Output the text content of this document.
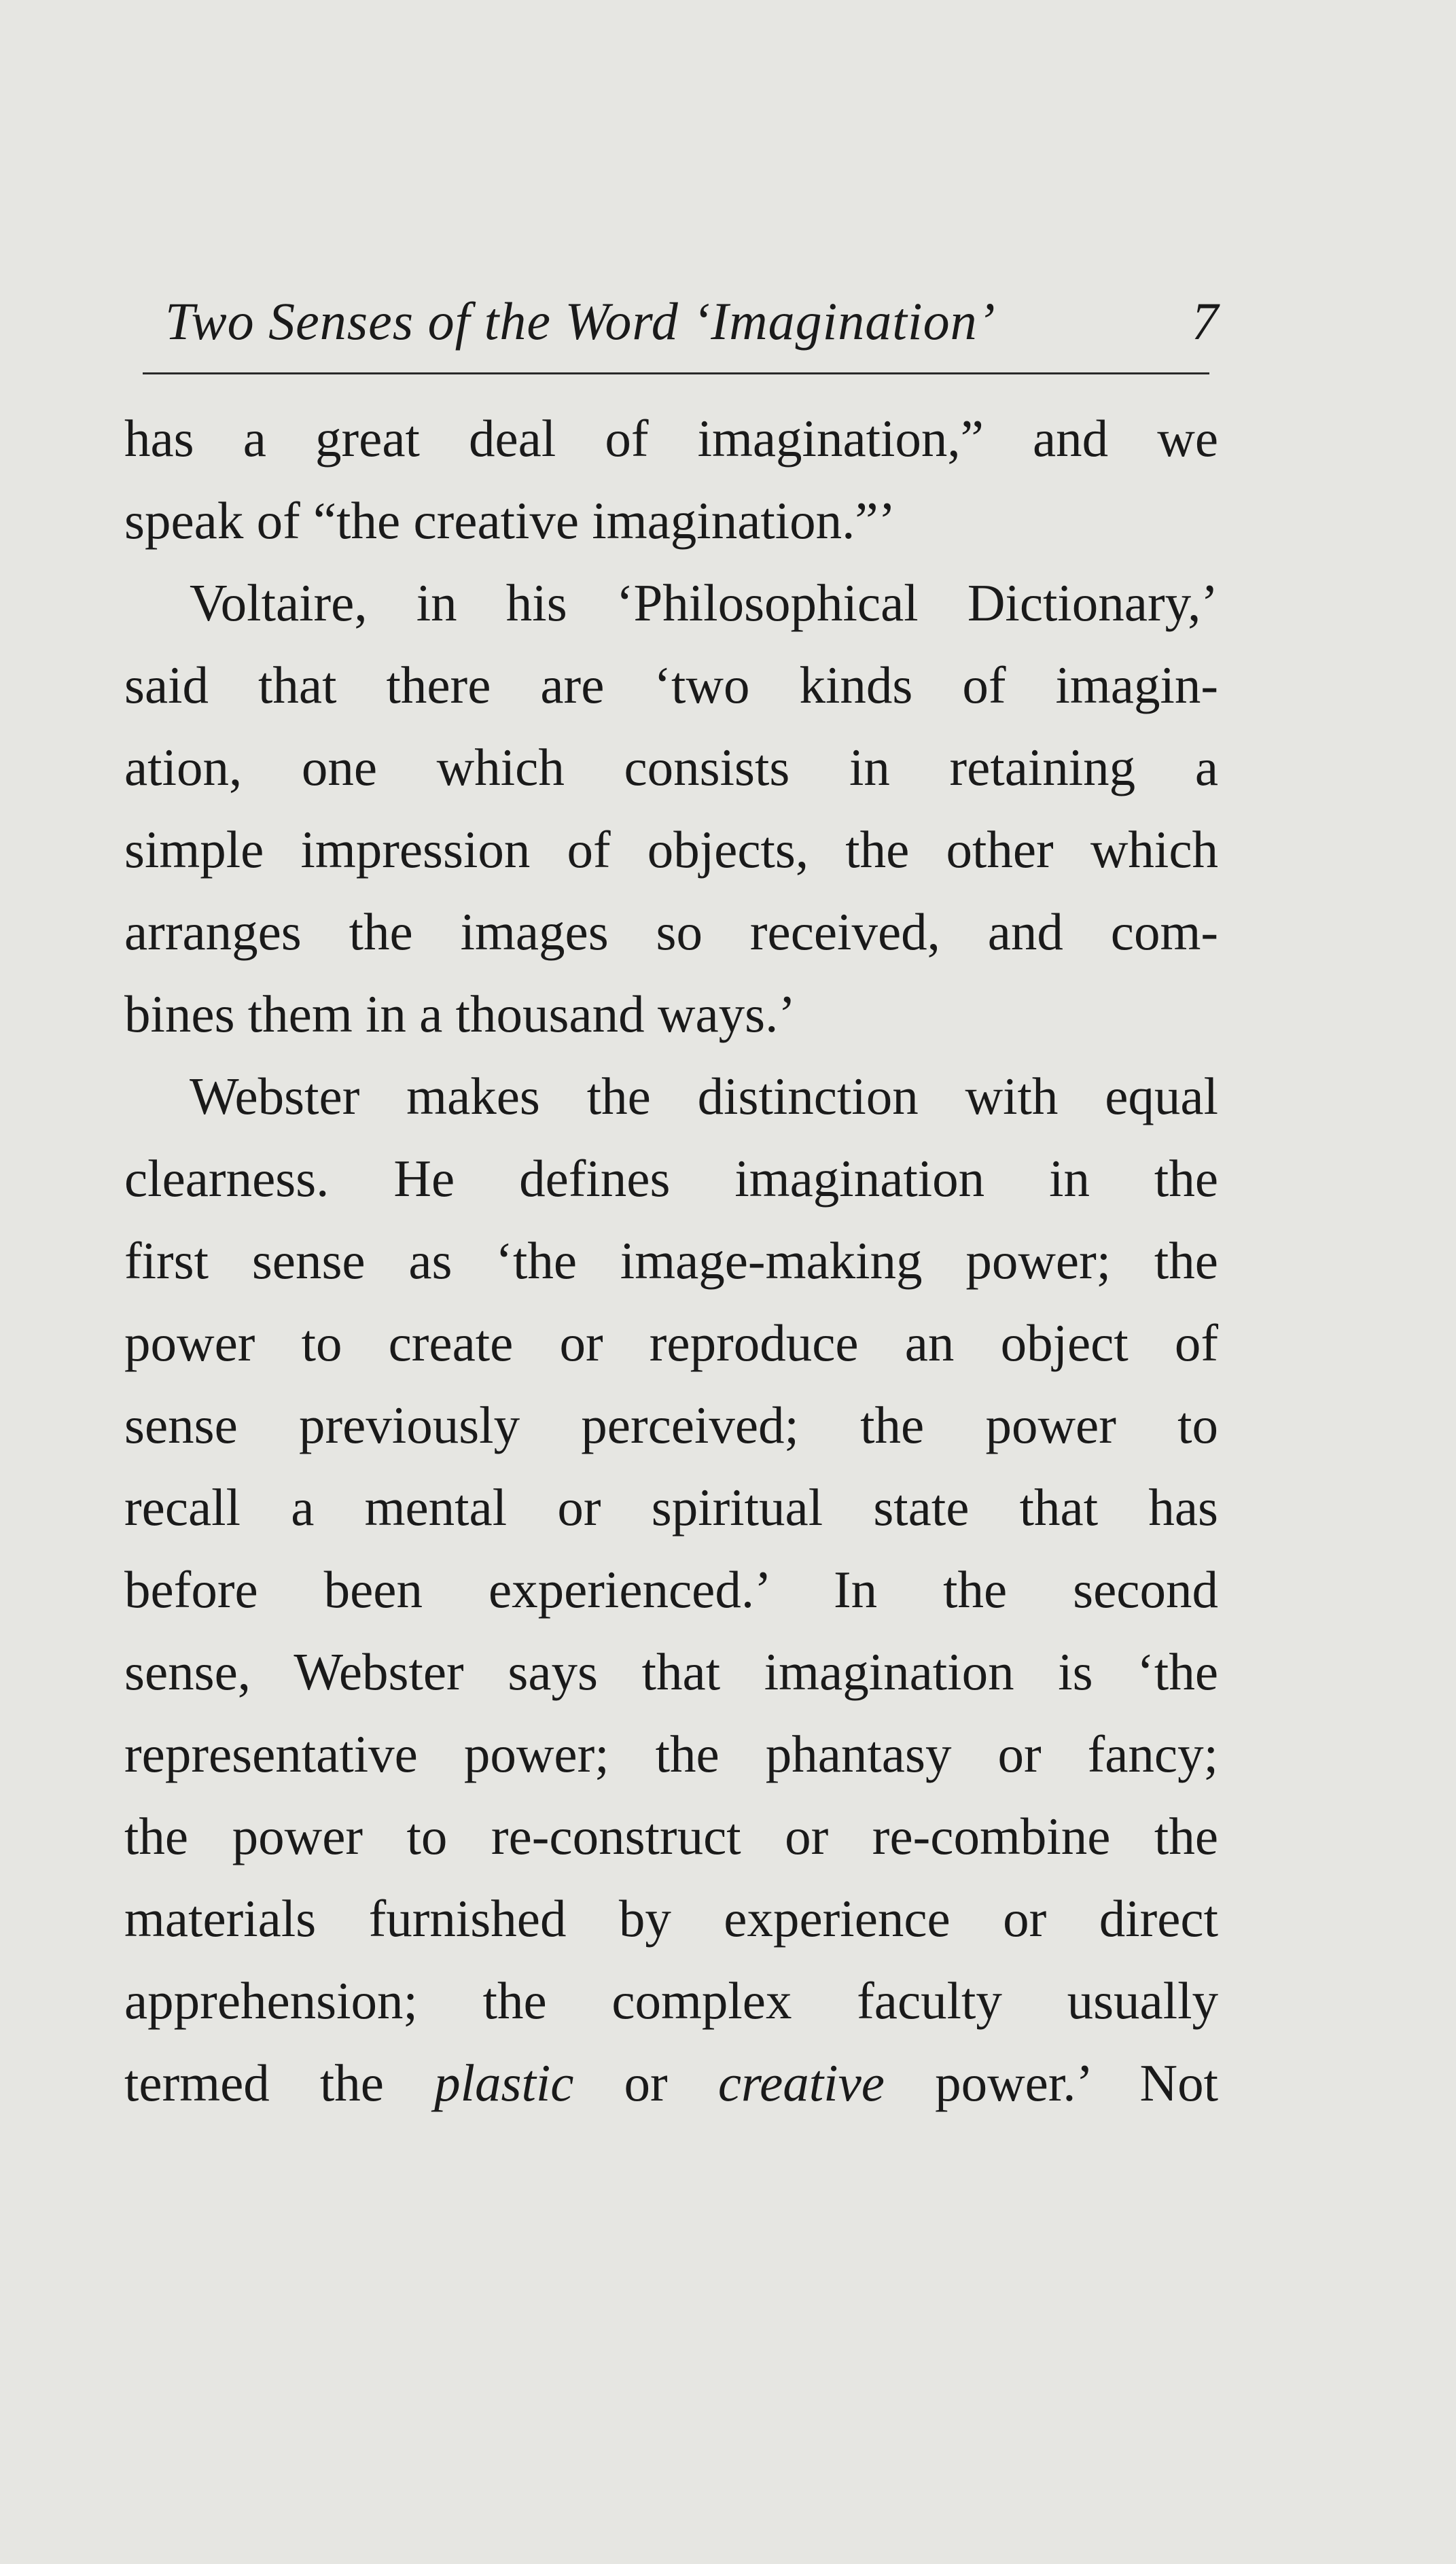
Two Senses of the Word ‘Imagination’	7
has a great deal of imagination,” and we
speak of “the creative imagination.”’
Voltaire, in his ‘Philosophical Dictionary,’
said that there are ‘two kinds of imagin-
ation, one which consists in retaining a
simple impression of objects, the other which
arranges the images so received, and com-
bines them in a thousand ways.’
Webster makes the distinction with equal
clearness. He defines imagination in the
first sense as ‘the image-making power; the
power to create or reproduce an object of
sense previously perceived; the power to
recall a mental or spiritual state that has
before been experienced.’ In the second
sense, Webster says that imagination is ‘the
representative power; the phantasy or fancy;
the power to re-construct or re-combine the
materials furnished by experience or direct
apprehension; the complex faculty usually
termed the plastic or creative power.’ Not
